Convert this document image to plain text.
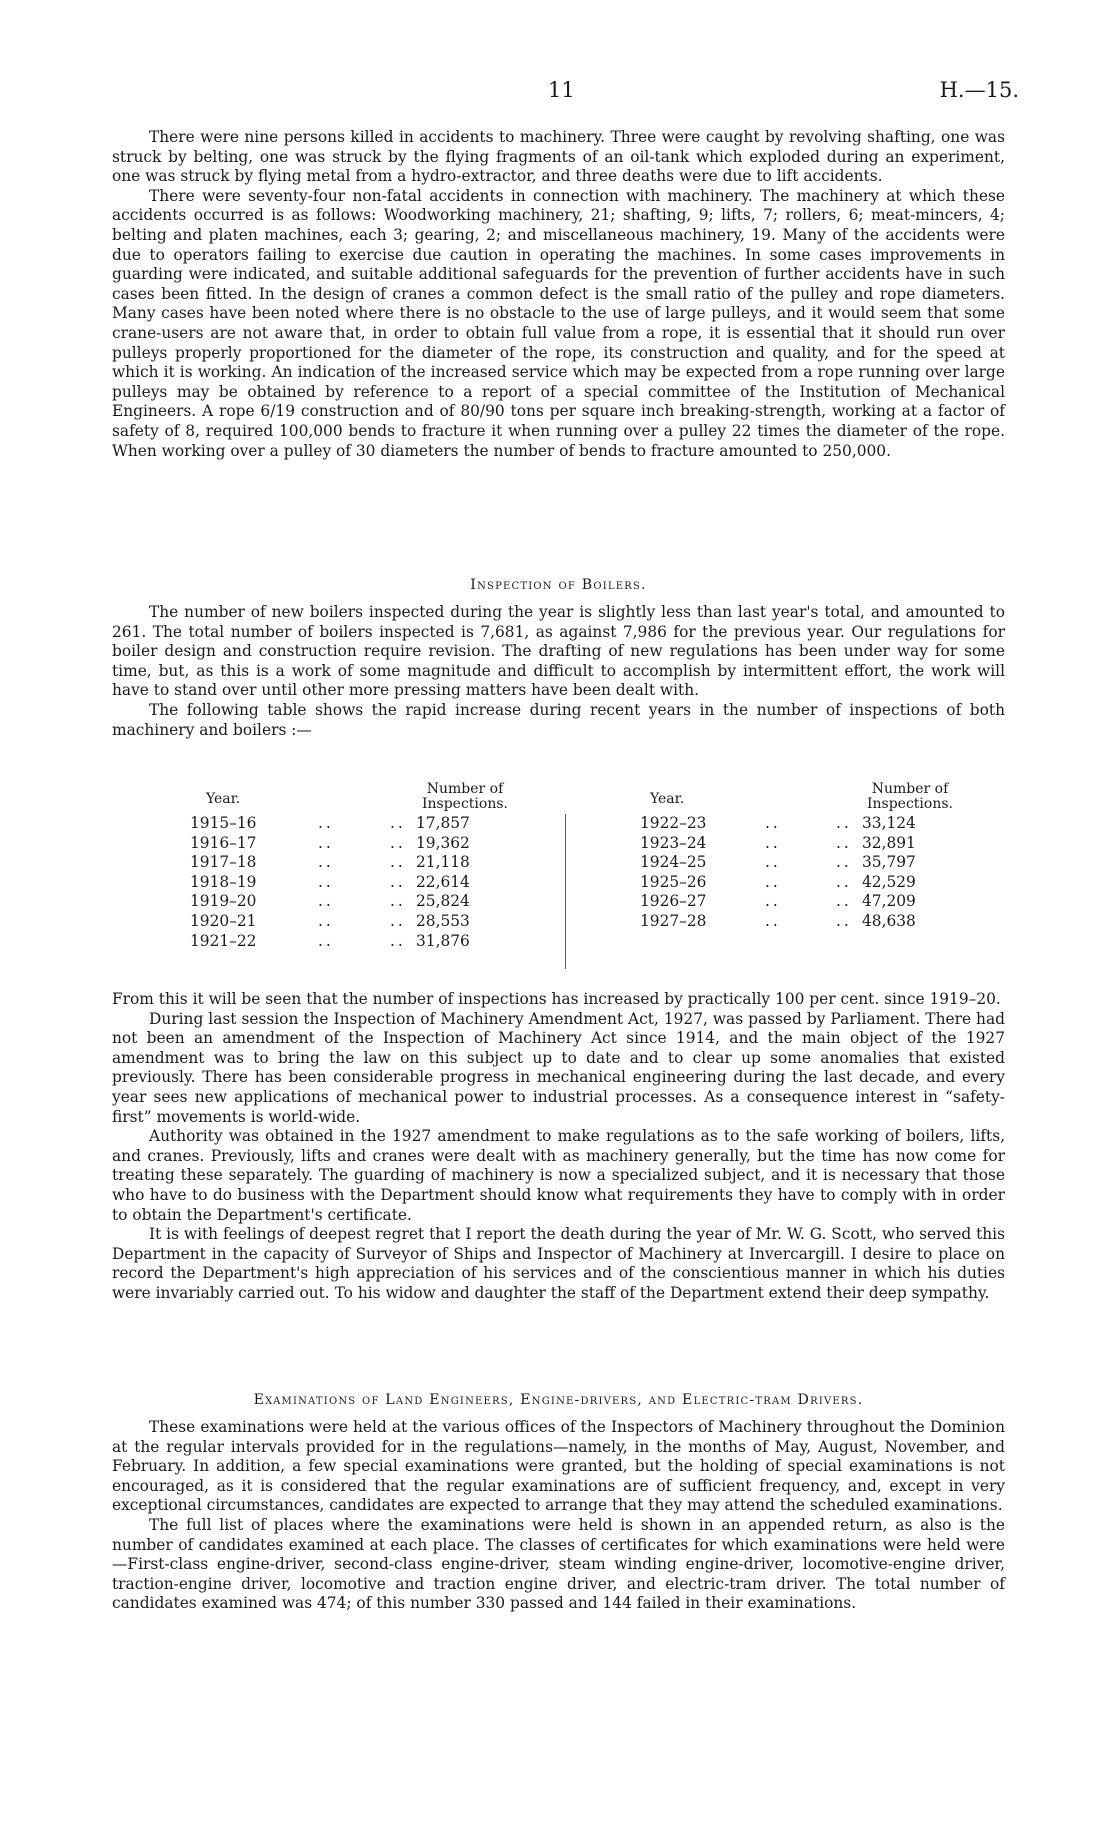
11	H.—15.

There were nine persons killed in accidents to machinery. Three were caught by revolving shafting, one was struck by belting, one was struck by the flying fragments of an oil-tank which exploded during an experiment, one was struck by flying metal from a hydro-extractor, and three deaths were due to lift accidents.

There were seventy-four non-fatal accidents in connection with machinery. The machinery at which these accidents occurred is as follows: Woodworking machinery, 21; shafting, 9; lifts, 7; rollers, 6; meat-mincers, 4; belting and platen machines, each 3; gearing, 2; and miscellaneous machinery, 19. Many of the accidents were due to operators failing to exercise due caution in operating the machines. In some cases improvements in guarding were indicated, and suitable additional safeguards for the prevention of further accidents have in such cases been fitted. In the design of cranes a common defect is the small ratio of the pulley and rope diameters. Many cases have been noted where there is no obstacle to the use of large pulleys, and it would seem that some crane-users are not aware that, in order to obtain full value from a rope, it is essential that it should run over pulleys properly proportioned for the diameter of the rope, its construction and quality, and for the speed at which it is working. An indication of the increased service which may be expected from a rope running over large pulleys may be obtained by reference to a report of a special committee of the Institution of Mechanical Engineers. A rope 6/19 construction and of 80/90 tons per square inch breaking-strength, working at a factor of safety of 8, required 100,000 bends to fracture it when running over a pulley 22 times the diameter of the rope. When working over a pulley of 30 diameters the number of bends to fracture amounted to 250,000.

Inspection of Boilers.

The number of new boilers inspected during the year is slightly less than last year's total, and amounted to 261. The total number of boilers inspected is 7,681, as against 7,986 for the previous year. Our regulations for boiler design and construction require revision. The drafting of new regulations has been under way for some time, but, as this is a work of some magnitude and difficult to accomplish by intermittent effort, the work will have to stand over until other more pressing matters have been dealt with.

The following table shows the rapid increase during recent years in the number of inspections of both machinery and boilers :—

Year.
Number of Inspections.
1915–16	..	.. 17,857
1916–17	..	.. 19,362
1917–18	..	.. 21,118
1918–19	..	.. 22,614
1919–20	..	.. 25,824
1920–21	..	.. 28,553
1921–22	..	.. 31,876
Year.
Number of Inspections.
1922–23	..	.. 33,124
1923–24	..	.. 32,891
1924–25	..	.. 35,797
1925–26	..	.. 42,529
1926–27	..	.. 47,209
1927–28	..	.. 48,638

From this it will be seen that the number of inspections has increased by practically 100 per cent. since 1919–20.

During last session the Inspection of Machinery Amendment Act, 1927, was passed by Parliament. There had not been an amendment of the Inspection of Machinery Act since 1914, and the main object of the 1927 amendment was to bring the law on this subject up to date and to clear up some anomalies that existed previously. There has been considerable progress in mechanical engineering during the last decade, and every year sees new applications of mechanical power to industrial processes. As a consequence interest in “safety-first” movements is world-wide.

Authority was obtained in the 1927 amendment to make regulations as to the safe working of boilers, lifts, and cranes. Previously, lifts and cranes were dealt with as machinery generally, but the time has now come for treating these separately. The guarding of machinery is now a specialized subject, and it is necessary that those who have to do business with the Department should know what requirements they have to comply with in order to obtain the Department's certificate.

It is with feelings of deepest regret that I report the death during the year of Mr. W. G. Scott, who served this Department in the capacity of Surveyor of Ships and Inspector of Machinery at Invercargill. I desire to place on record the Department's high appreciation of his services and of the conscientious manner in which his duties were invariably carried out. To his widow and daughter the staff of the Department extend their deep sympathy.

Examinations of Land Engineers, Engine-drivers, and Electric-tram Drivers.

These examinations were held at the various offices of the Inspectors of Machinery throughout the Dominion at the regular intervals provided for in the regulations—namely, in the months of May, August, November, and February. In addition, a few special examinations were granted, but the holding of special examinations is not encouraged, as it is considered that the regular examinations are of sufficient frequency, and, except in very exceptional circumstances, candidates are expected to arrange that they may attend the scheduled examinations.

The full list of places where the examinations were held is shown in an appended return, as also is the number of candidates examined at each place. The classes of certificates for which examinations were held were—First-class engine-driver, second-class engine-driver, steam winding engine-driver, locomotive-engine driver, traction-engine driver, locomotive and traction engine driver, and electric-tram driver. The total number of candidates examined was 474; of this number 330 passed and 144 failed in their examinations.
